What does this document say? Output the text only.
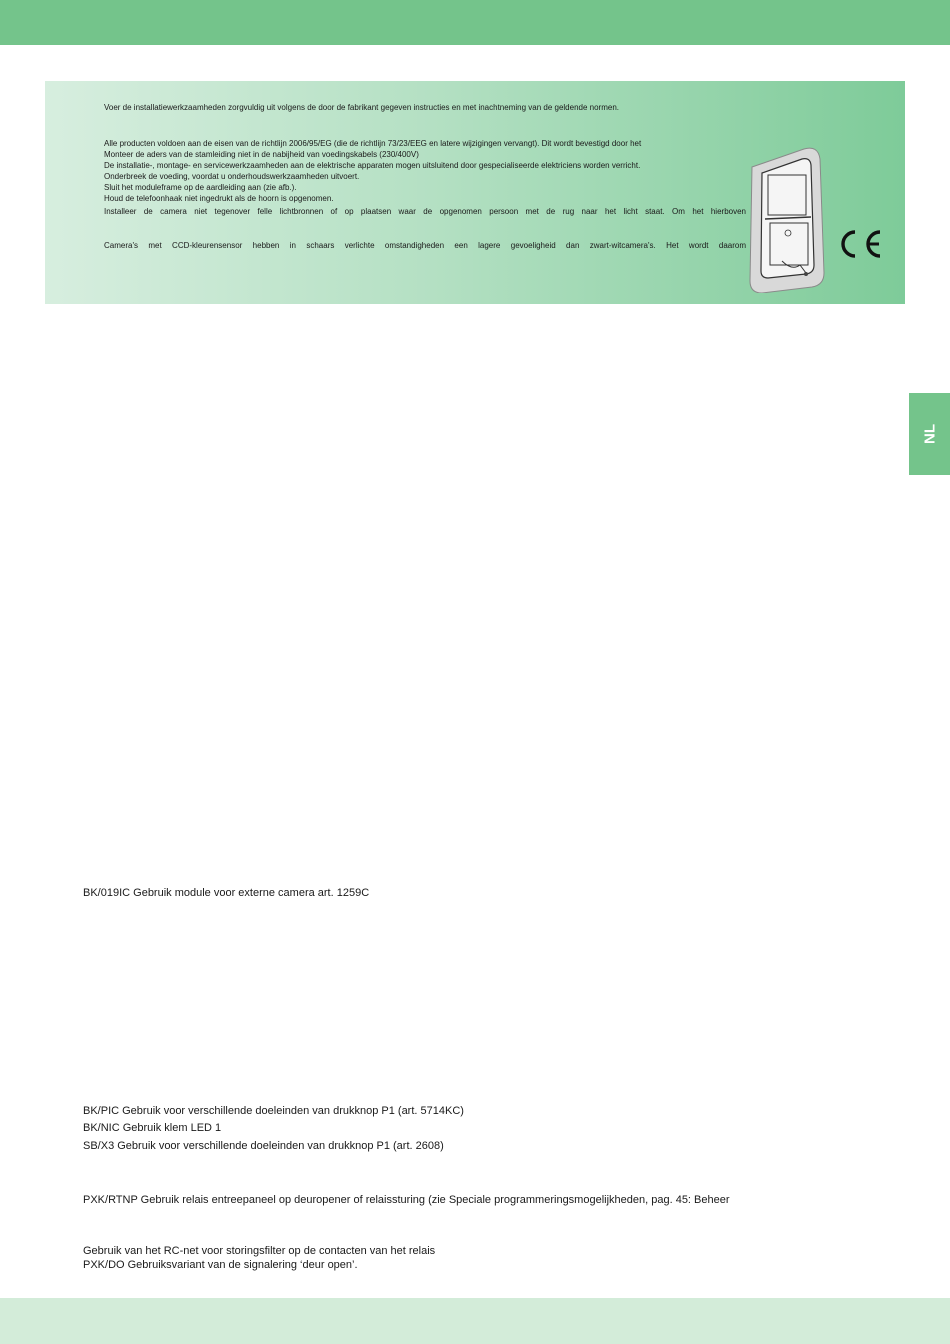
• Voer de installatiewerkzaamheden zorgvuldig uit volgens de door de fabrikant gegeven instructies en met inachtneming van de geldende normen.
• Alle producten voldoen aan de eisen van de richtlijn 2006/95/EG (die de richtlijn 73/23/EEG en latere wijzigingen vervangt). Dit wordt bevestigd door het
• Monteer de aders van de stamleiding niet in de nabijheid van voedingskabels (230/400V)
• De installatie-, montage- en servicewerkzaamheden aan de elektrische apparaten mogen uitsluitend door gespecialiseerde elektriciens worden verricht.
• Onderbreek de voeding, voordat u onderhoudswerkzaamheden uitvoert.
• Sluit het moduleframe op de aardleiding aan (zie afb.).
• Houd de telefoonhaak niet ingedrukt als de hoorn is opgenomen.
• Installeer de camera niet tegenover felle lichtbronnen of op plaatsen waar de opgenomen persoon met de rug naar het licht staat. Om het hierboven
• Camera's met CCD-kleurensensor hebben in schaars verlichte omstandigheden een lagere gevoeligheid dan zwart-witcamera's. Het wordt daarom
NL
BK/019IC Gebruik module voor externe camera art. 1259C
BK/PIC Gebruik voor verschillende doeleinden van drukknop P1 (art. 5714KC)
BK/NIC Gebruik klem LED 1
SB/X3 Gebruik voor verschillende doeleinden van drukknop P1 (art. 2608)
PXK/RTNP Gebruik relais entreepaneel op deuropener of relaissturing (zie Speciale programmeringsmogelijkheden, pag. 45: Beheer
Gebruik van het RC-net voor storingsfilter op de contacten van het relais
PXK/DO Gebruiksvariant van de signalering ‘deur open’.
